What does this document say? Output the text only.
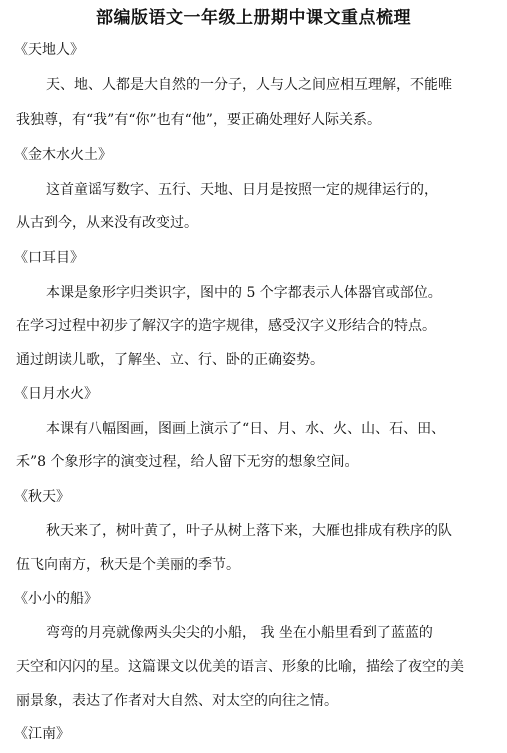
部编版语文一年级上册期中课文重点梳理
《天地人》
天、地、人都是大自然的一分子，人与人之间应相互理解，不能唯
我独尊，有“我”有“你”也有“他”，要正确处理好人际关系。
《金木水火土》
这首童谣写数字、五行、天地、日月是按照一定的规律运行的，
从古到今，从来没有改变过。
《口耳目》
本课是象形字归类识字，图中的 5 个字都表示人体器官或部位。
在学习过程中初步了解汉字的造字规律，感受汉字义形结合的特点。
通过朗读儿歌，了解坐、立、行、卧的正确姿势。
《日月水火》
本课有八幅图画，图画上演示了“日、月、水、火、山、石、田、
禾”8 个象形字的演变过程，给人留下无穷的想象空间。
《秋天》
秋天来了，树叶黄了，叶子从树上落下来，大雁也排成有秩序的队
伍飞向南方，秋天是个美丽的季节。
《小小的船》
弯弯的月亮就像两头尖尖的小船， 我 坐在小船里看到了蓝蓝的
天空和闪闪的星。这篇课文以优美的语言、形象的比喻，描绘了夜空的美
丽景象，表达了作者对大自然、对太空的向往之情。
《江南》
